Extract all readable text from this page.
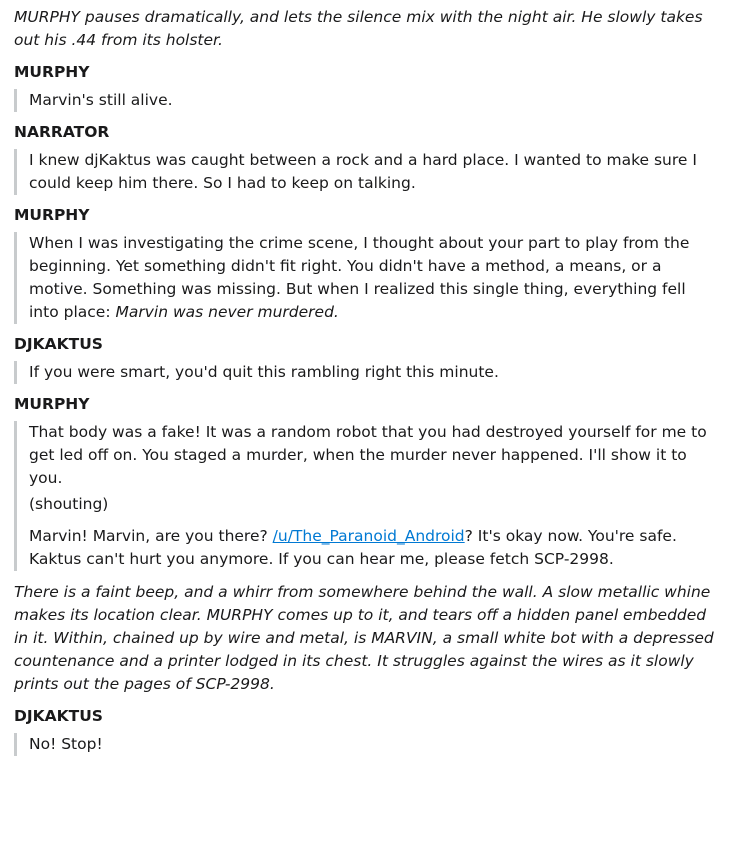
MURPHY pauses dramatically, and lets the silence mix with the night air. He slowly takes out his .44 from its holster.

MURPHY

Marvin's still alive.

NARRATOR

I knew djKaktus was caught between a rock and a hard place. I wanted to make sure I could keep him there. So I had to keep on talking.

MURPHY

When I was investigating the crime scene, I thought about your part to play from the beginning. Yet something didn't fit right. You didn't have a method, a means, or a motive. Something was missing. But when I realized this single thing, everything fell into place: Marvin was never murdered.

DJKAKTUS

If you were smart, you'd quit this rambling right this minute.

MURPHY

That body was a fake! It was a random robot that you had destroyed yourself for me to get led off on. You staged a murder, when the murder never happened. I'll show it to you.

(shouting)

Marvin! Marvin, are you there? /u/The_Paranoid_Android? It's okay now. You're safe. Kaktus can't hurt you anymore. If you can hear me, please fetch SCP-2998.

There is a faint beep, and a whirr from somewhere behind the wall. A slow metallic whine makes its location clear. MURPHY comes up to it, and tears off a hidden panel embedded in it. Within, chained up by wire and metal, is MARVIN, a small white bot with a depressed countenance and a printer lodged in its chest. It struggles against the wires as it slowly prints out the pages of SCP-2998.

DJKAKTUS

No! Stop!
